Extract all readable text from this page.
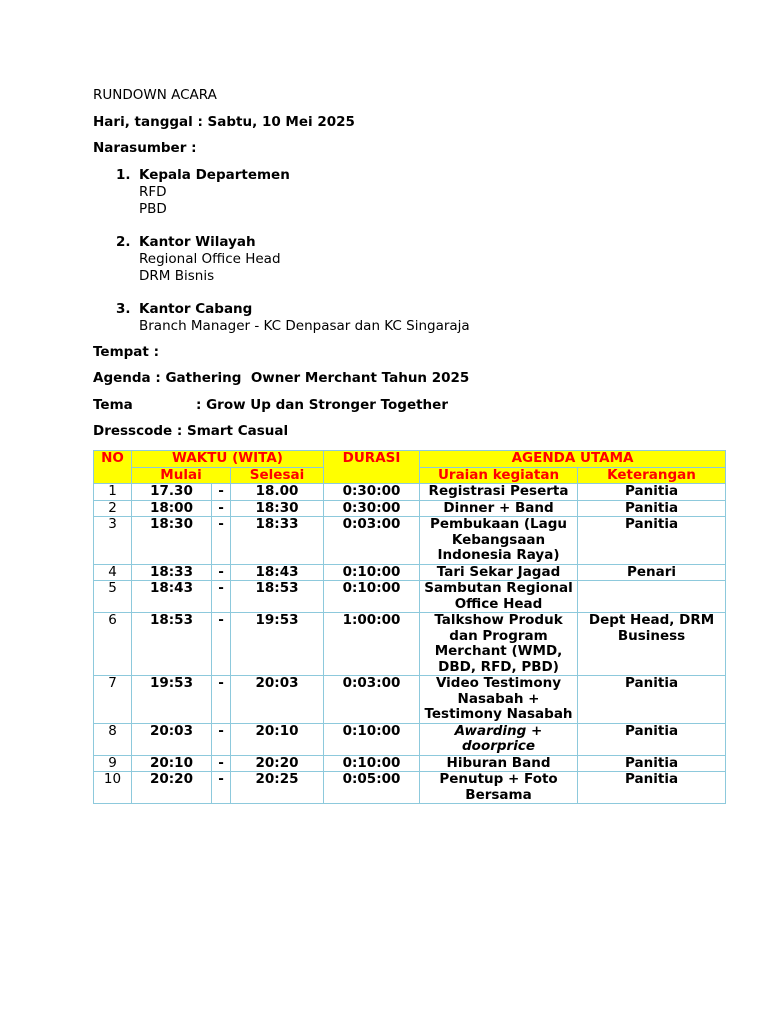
RUNDOWN ACARA
Hari, tanggal : Sabtu, 10 Mei 2025
Narasumber :
1. Kepala Departemen
RFD
PBD
2. Kantor Wilayah
Regional Office Head
DRM Bisnis
3. Kantor Cabang
Branch Manager - KC Denpasar dan KC Singaraja
Tempat :
Agenda : Gathering  Owner Merchant Tahun 2025
Tema	: Grow Up dan Stronger Together
Dresscode : Smart Casual
NO	WAKTU (WITA)			DURASI	AGENDA UTAMA	
	Mulai		Selesai		Uraian kegiatan	Keterangan
1	17.30	-	18.00	0:30:00	Registrasi Peserta	Panitia
2	18:00	-	18:30	0:30:00	Dinner + Band	Panitia
3	18:30	-	18:33	0:03:00	Pembukaan (Lagu Kebangsaan Indonesia Raya)	Panitia
4	18:33	-	18:43	0:10:00	Tari Sekar Jagad	Penari
5	18:43	-	18:53	0:10:00	Sambutan Regional Office Head	
6	18:53	-	19:53	1:00:00	Talkshow Produk dan Program Merchant (WMD, DBD, RFD, PBD)	Dept Head, DRM Business
7	19:53	-	20:03	0:03:00	Video Testimony Nasabah + Testimony Nasabah	Panitia
8	20:03	-	20:10	0:10:00	Awarding + doorprice	Panitia
9	20:10	-	20:20	0:10:00	Hiburan Band	Panitia
10	20:20	-	20:25	0:05:00	Penutup + Foto Bersama	Panitia
